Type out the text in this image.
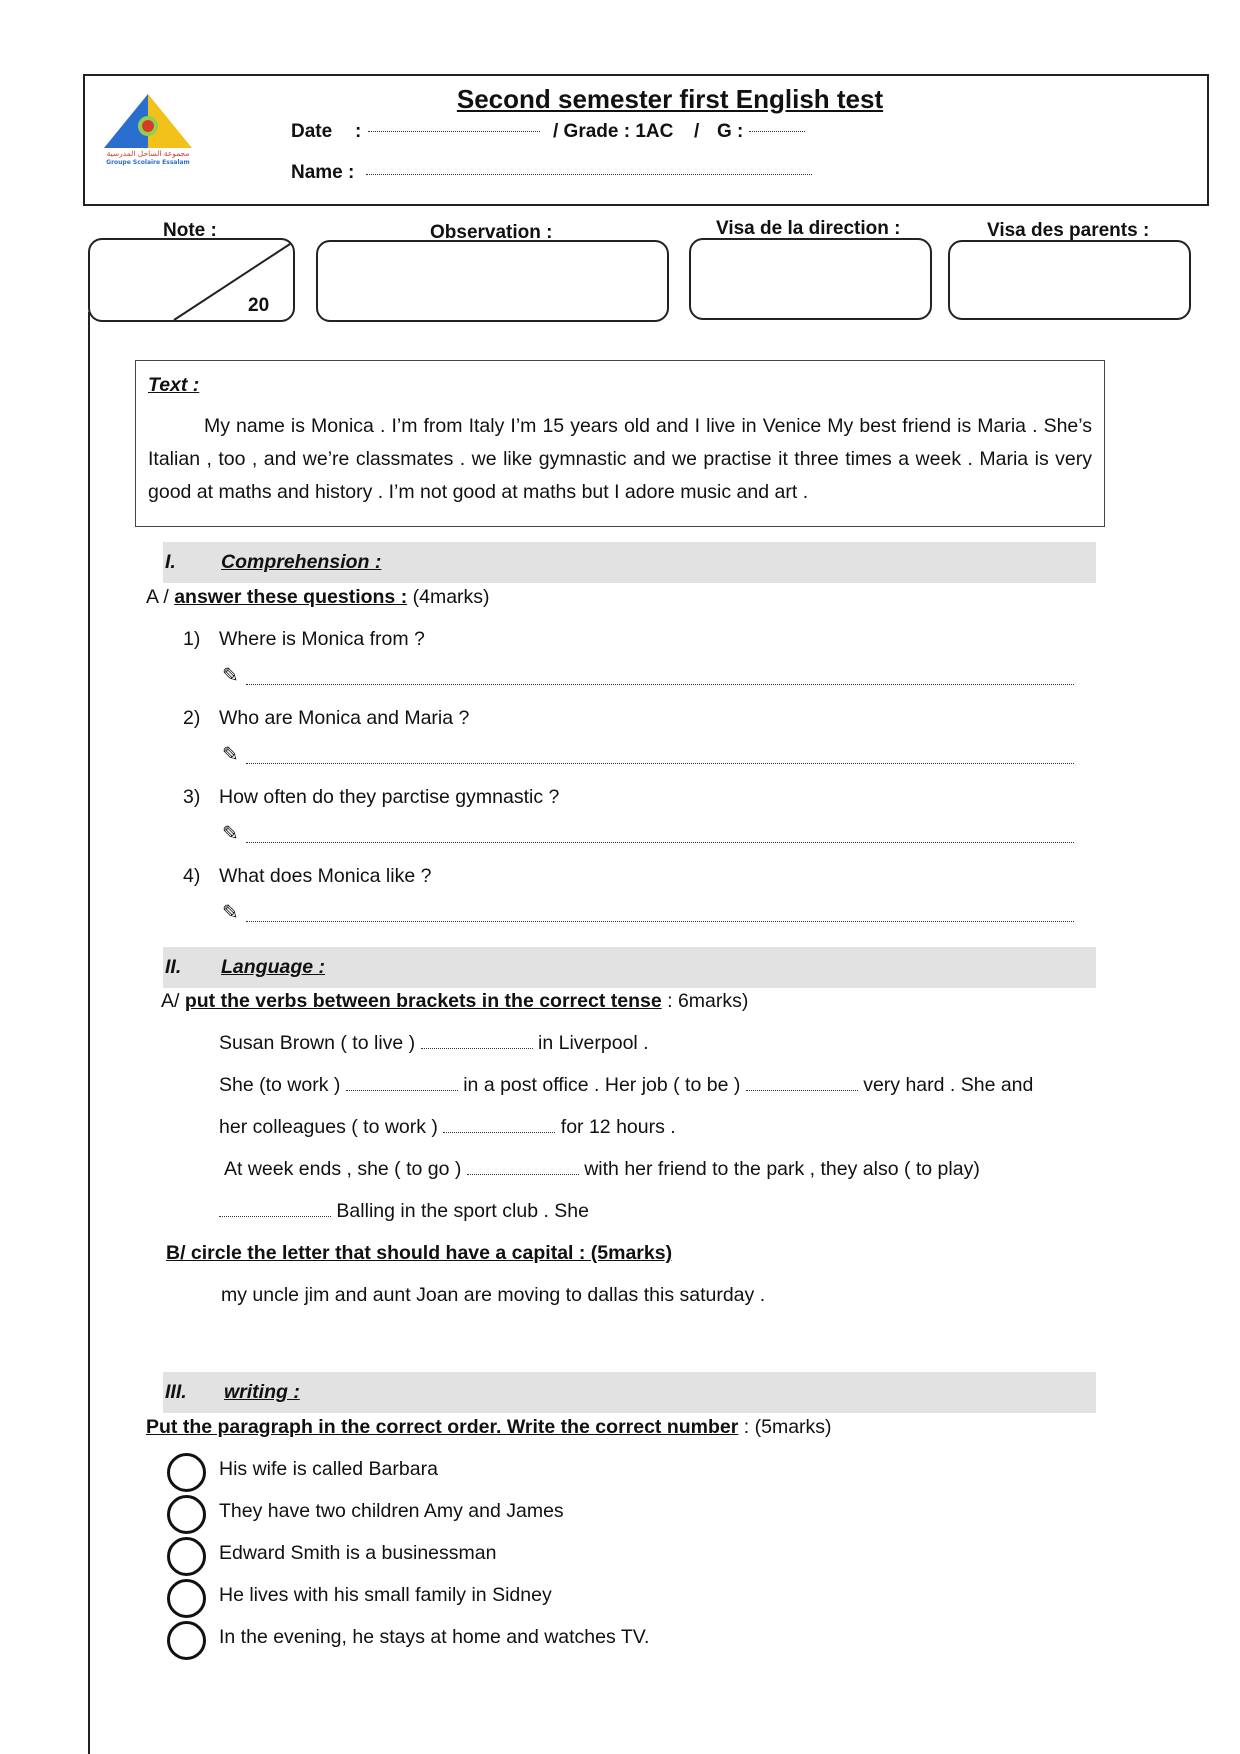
مجموعة الساحل المدرسية
Groupe Scolaire Essalam
Second semester first English test
Date :	/ Grade : 1AC / G :
Name :
Note :	Observation :	Visa de la direction :	Visa des parents :
20
Text :

My name is Monica . I’m from Italy I’m 15 years old and I live in Venice My best friend is Maria . She’s Italian , too , and we’re classmates . we like gymnastic and we practise it three times a week . Maria is very good at maths and history . I’m not good at maths but I adore music and art .

I. Comprehension :
A / answer these questions : (4marks)
1) Where is Monica from ?
✎
2) Who are Monica and Maria ?
✎
3) How often do they parctise gymnastic ?
✎
4) What does Monica like ?
✎
II. Language :
A/ put the verbs between brackets in the correct tense : 6marks)
Susan Brown ( to live )	in Liverpool .
She (to work )	in a post office . Her job ( to be )	very hard . She and
her colleagues ( to work )	for 12 hours .
At week ends , she ( to go )	with her friend to the park , they also ( to play)
Balling in the sport club . She
B/ circle the letter that should have a capital : (5marks)
my uncle jim and aunt Joan are moving to dallas this saturday .
III. writing :
Put the paragraph in the correct order. Write the correct number : (5marks)
His wife is called Barbara
They have two children Amy and James
Edward Smith is a businessman
He lives with his small family in Sidney
In the evening, he stays at home and watches TV.
